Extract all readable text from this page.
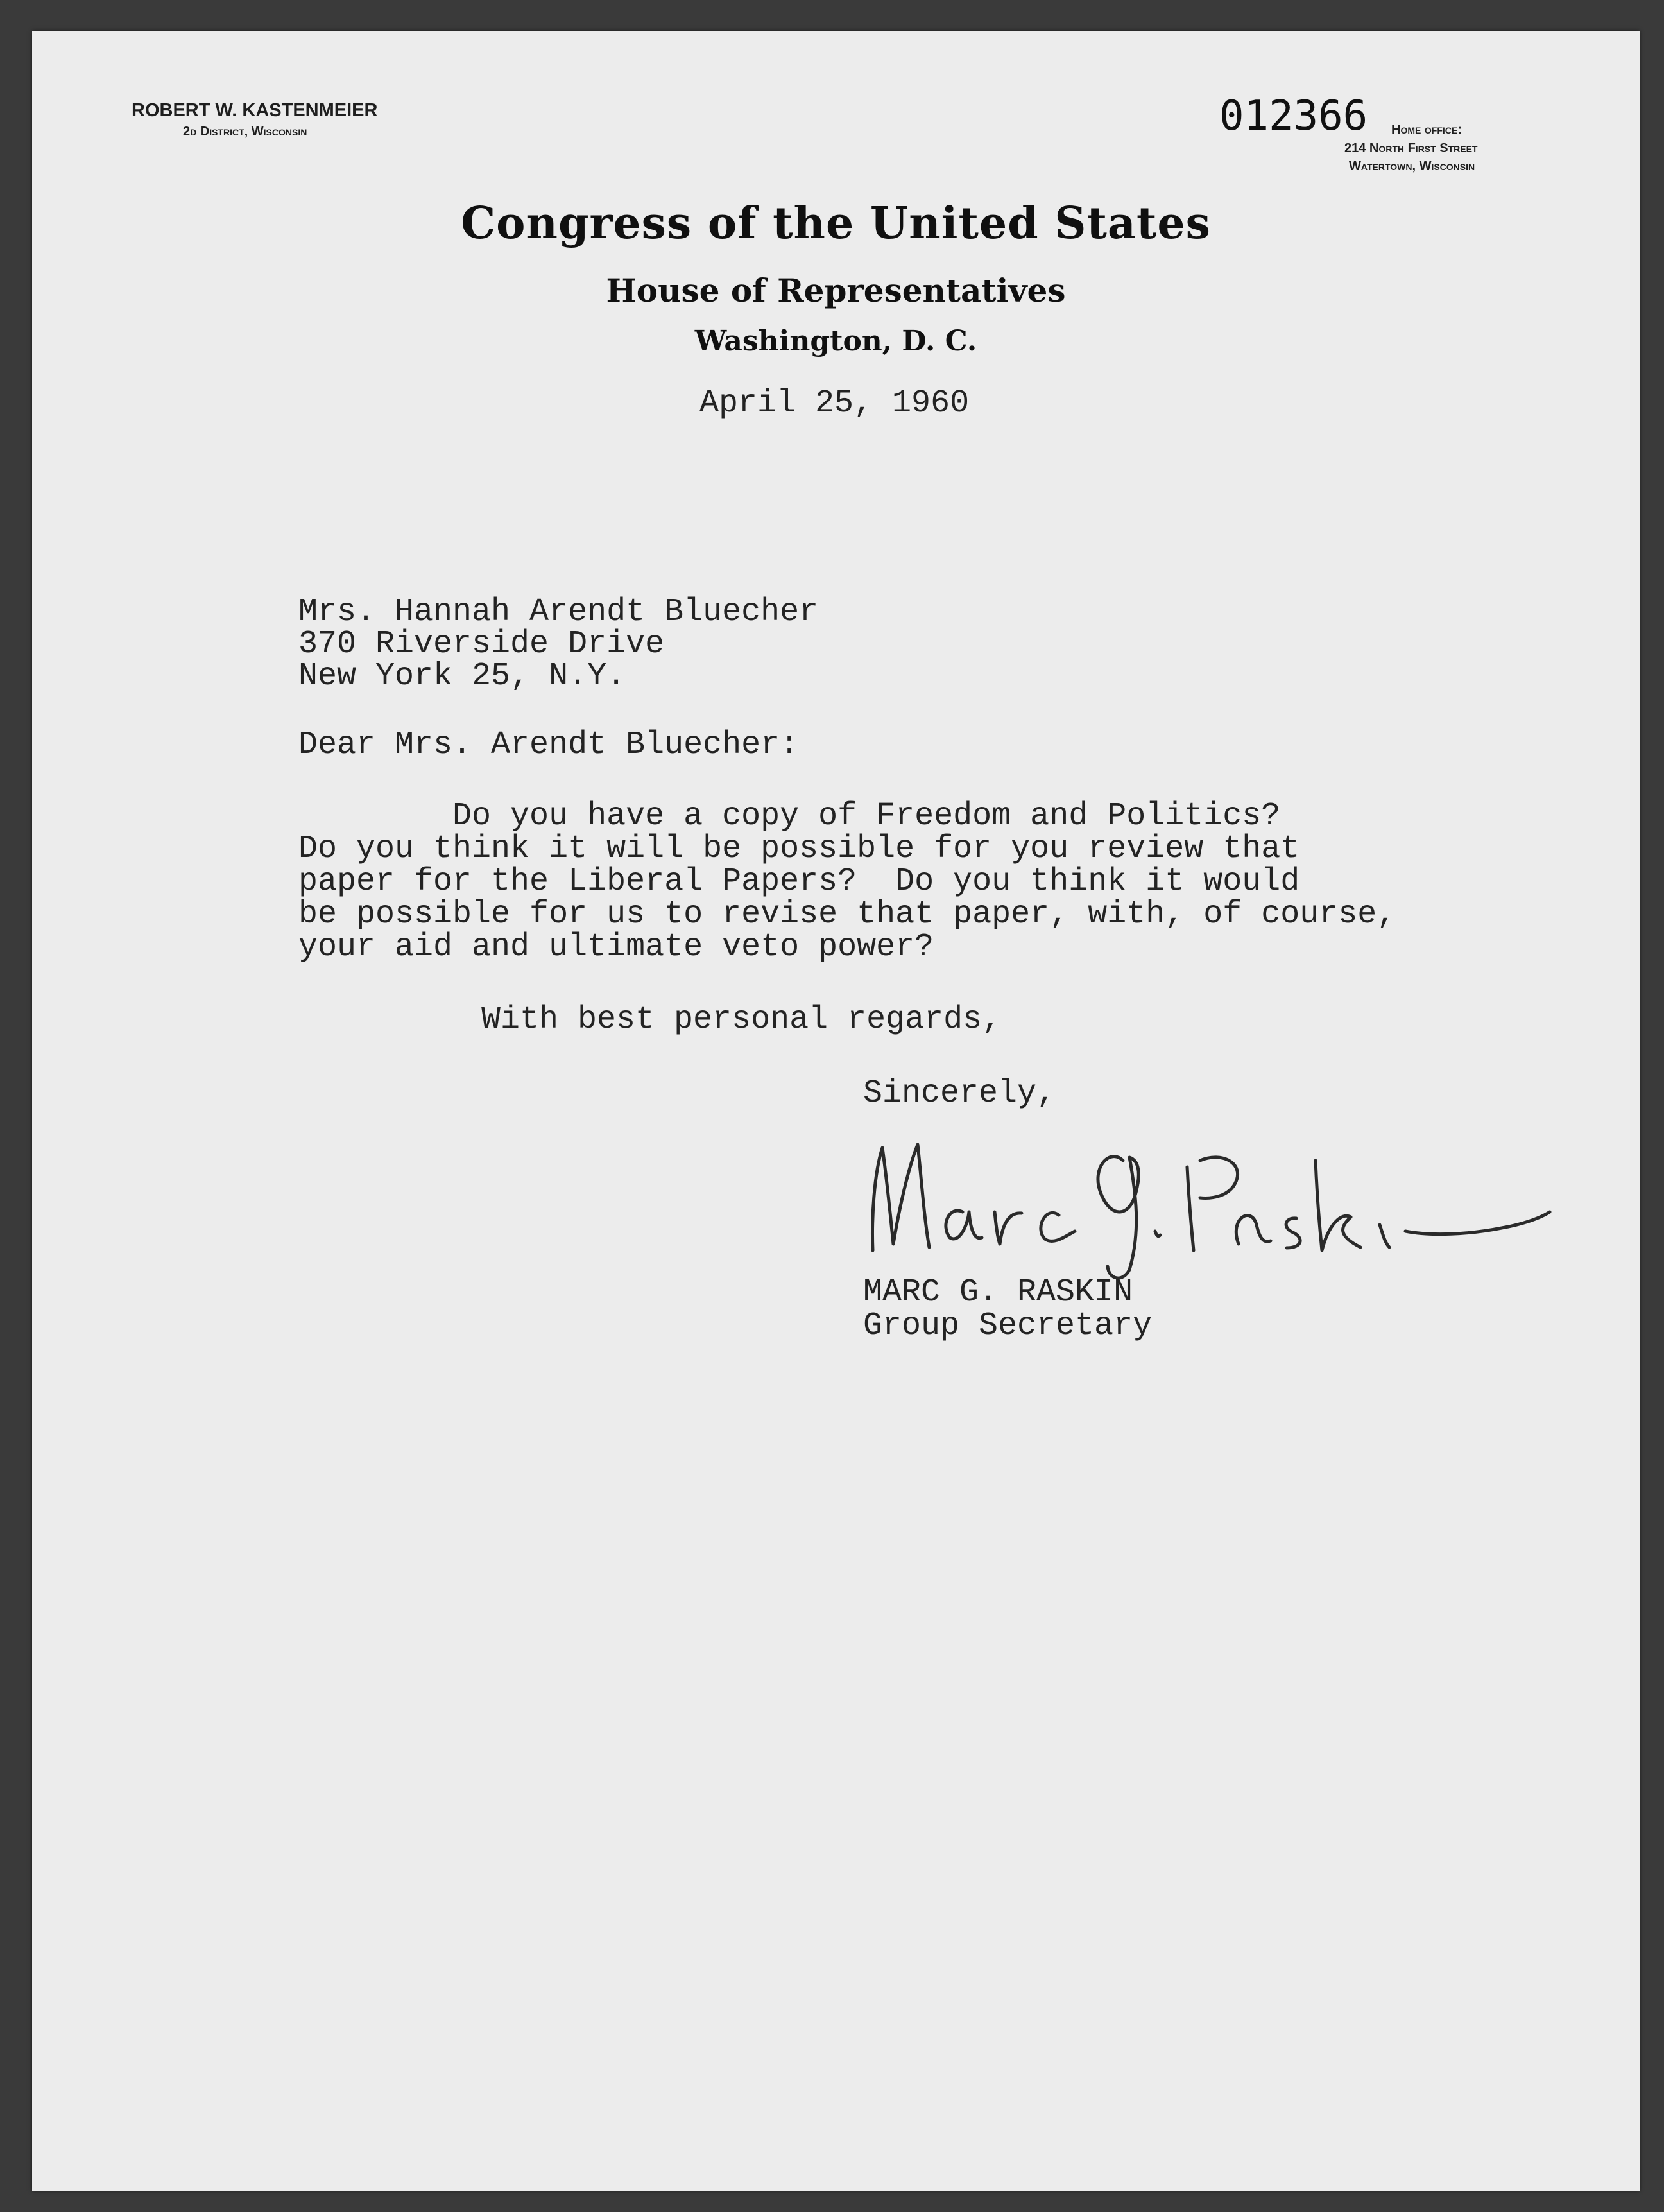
ROBERT W. KASTENMEIER
2d District, Wisconsin	012366 Home office:
214 North First Street
Watertown, Wisconsin
Congress of the United States
House of Representatives
Washington, D. C.
April 25, 1960
Mrs. Hannah Arendt Bluecher
370 Riverside Drive
New York 25, N.Y.
Dear Mrs. Arendt Bluecher:
Do you have a copy of Freedom and Politics?
Do you think it will be possible for you review that
paper for the Liberal Papers?  Do you think it would
be possible for us to revise that paper, with, of course,
your aid and ultimate veto power?
With best personal regards,
Sincerely,
MARC G. RASKIN
Group Secretary
